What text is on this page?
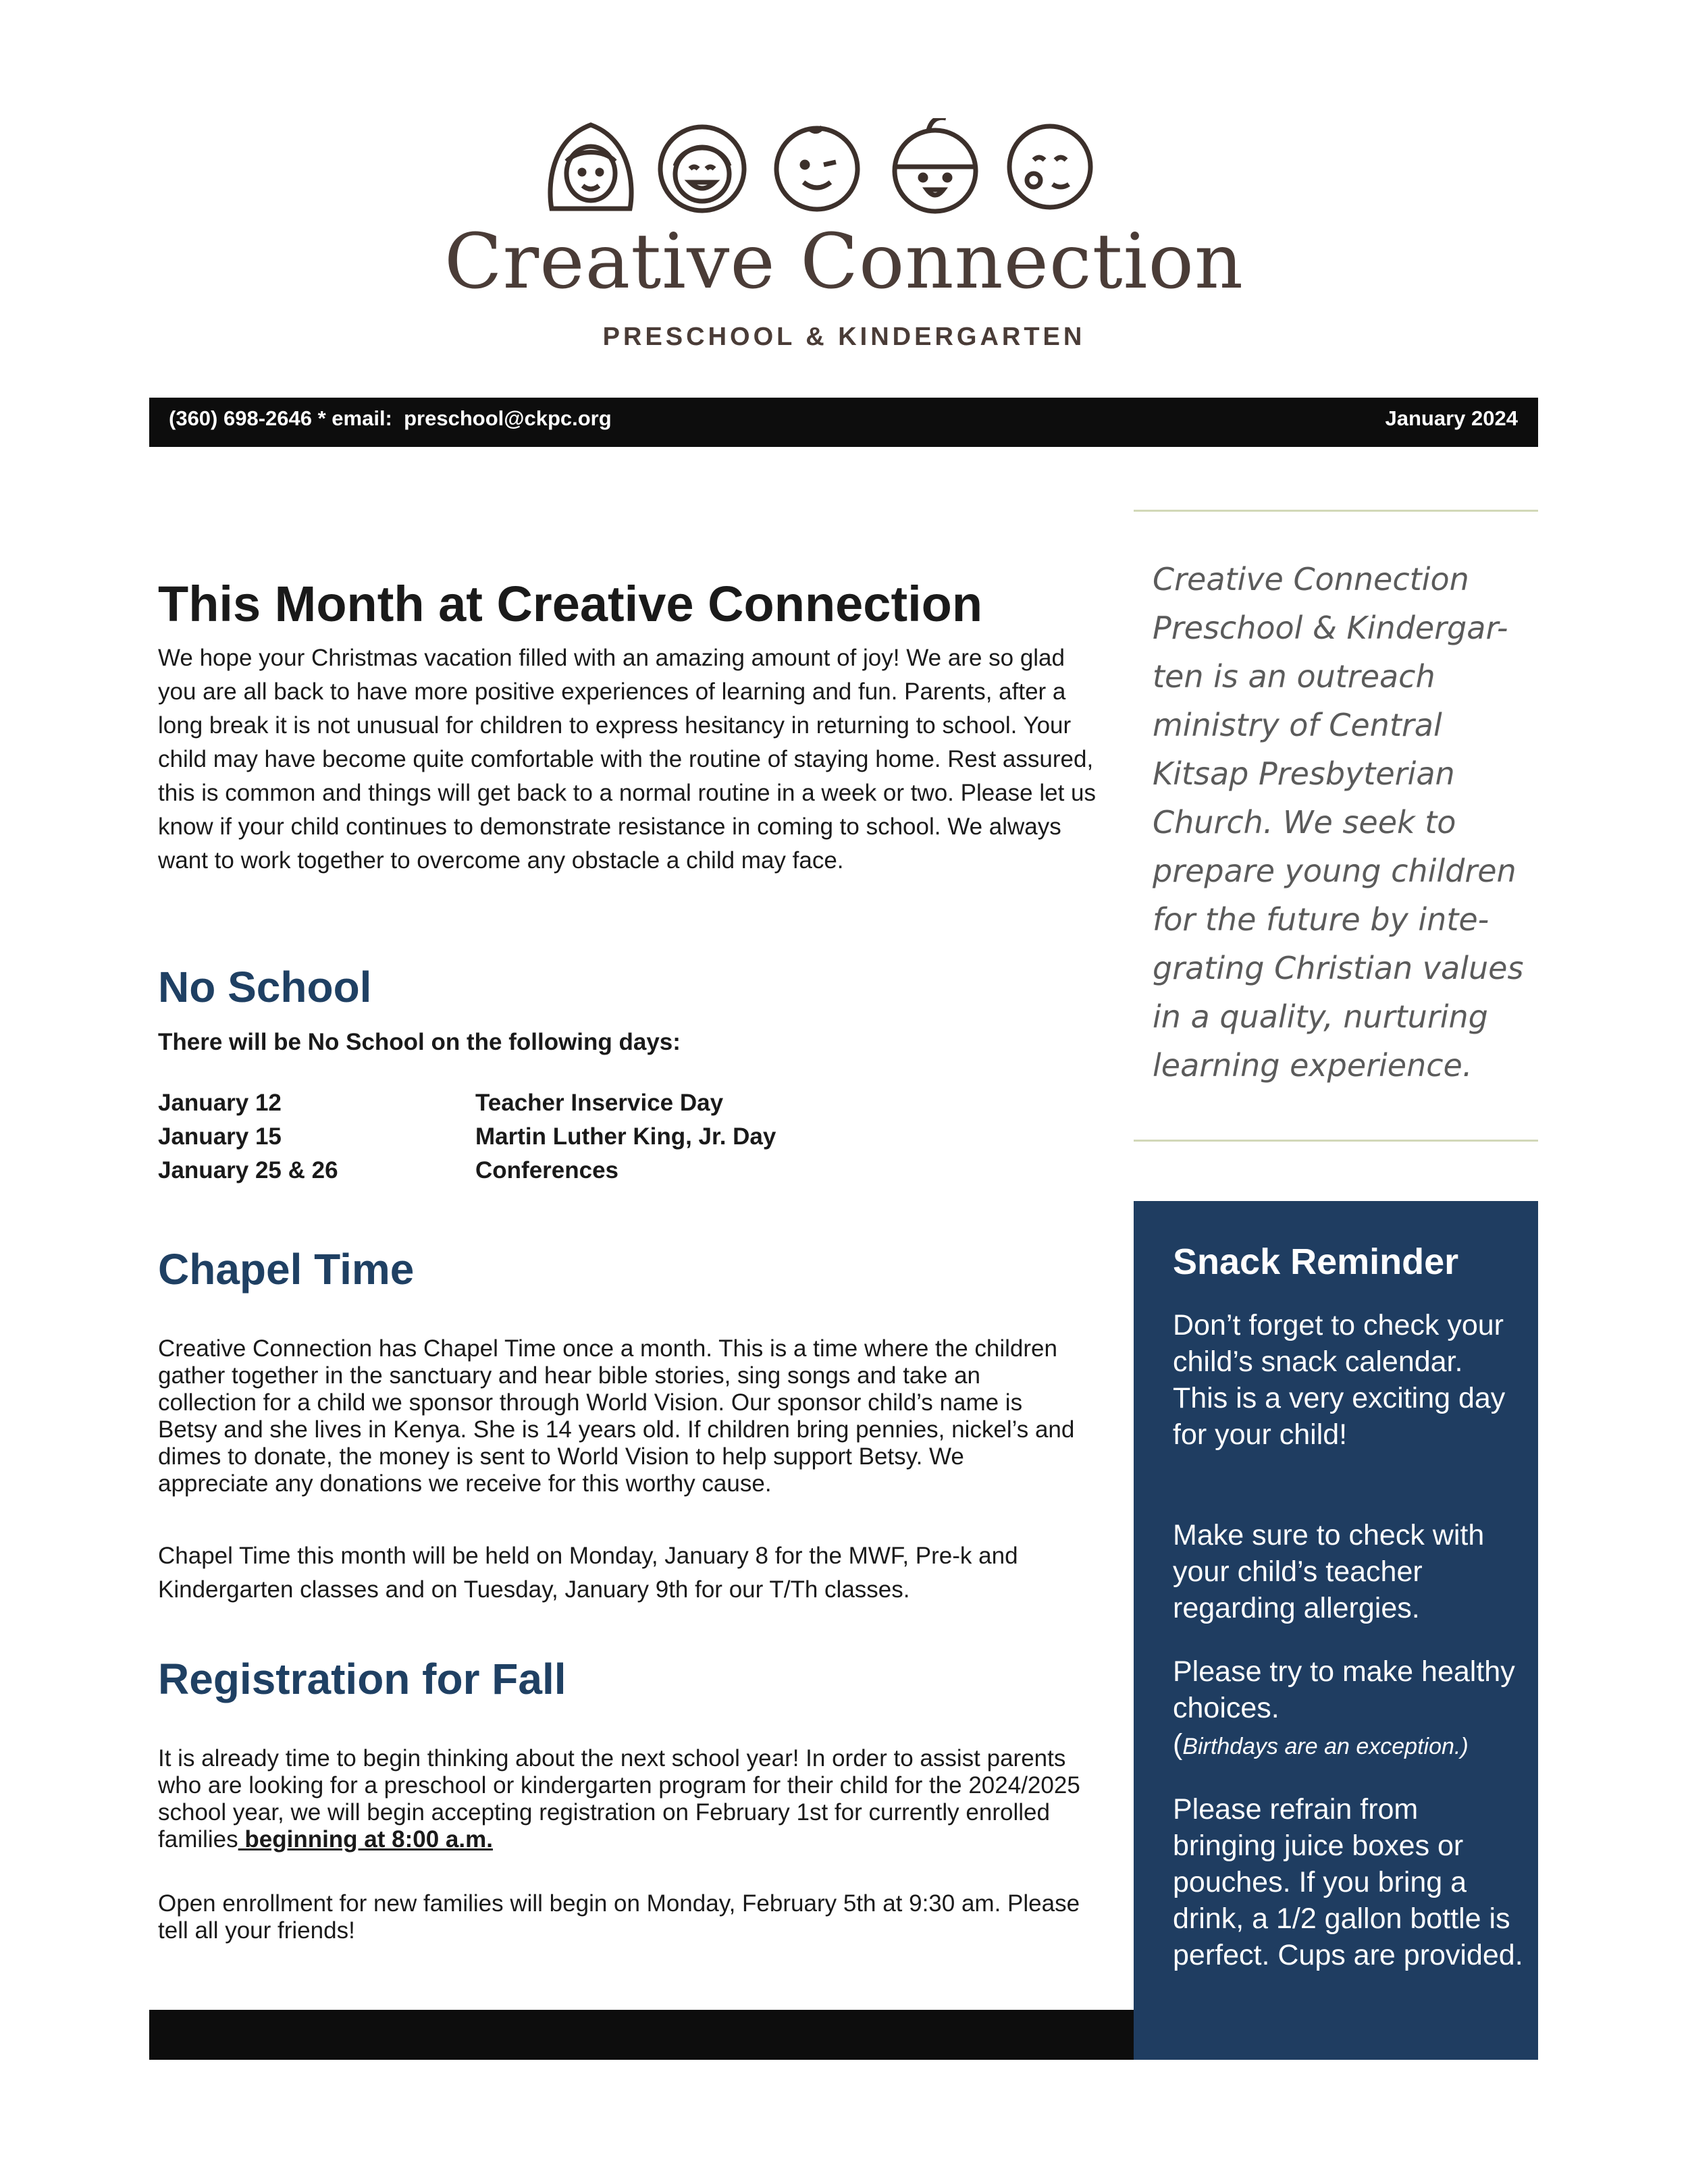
Creative Connection
PRESCHOOL & KINDERGARTEN
(360) 698-2646 * email:  preschool@ckpc.org	January 2024
This Month at Creative Connection
We hope your Christmas vacation filled with an amazing amount of joy! We are so glad you are all back to have more positive experiences of learning and fun. Parents, after a long break it is not unusual for children to express hesitancy in returning to school. Your child may have become quite comfortable with the routine of staying home. Rest assured, this is common and things will get back to a normal routine in a week or two. Please let us know if your child continues to demonstrate resistance in coming to school. We always want to work together to overcome any obstacle a child may face.
No School
There will be No School on the following days:
January 12	Teacher Inservice Day
January 15	Martin Luther King, Jr. Day
January 25 & 26	Conferences
Chapel Time
Creative Connection has Chapel Time once a month. This is a time where the children gather together in the sanctuary and hear bible stories, sing songs and take an collection for a child we sponsor through World Vision. Our sponsor child’s name is Betsy and she lives in Kenya. She is 14 years old. If children bring pennies, nickel’s and dimes to donate, the money is sent to World Vision to help support Betsy. We appreciate any donations we receive for this worthy cause.
Chapel Time this month will be held on Monday, January 8 for the MWF, Pre-k and Kindergarten classes and on Tuesday, January 9th for our T/Th classes.
Registration for Fall
It is already time to begin thinking about the next school year! In order to assist parents who are looking for a preschool or kindergarten program for their child for the 2024/2025 school year, we will begin accepting registration on February 1st for currently enrolled families beginning at 8:00 a.m.
Open enrollment for new families will begin on Monday, February 5th at 9:30 am. Please tell all your friends!
Creative Connection
Preschool & Kindergar-
ten is an outreach
ministry of Central
Kitsap Presbyterian
Church. We seek to
prepare young children
for the future by inte-
grating Christian values
in a quality, nurturing
learning experience.
Snack Reminder
Don’t forget to check your child’s snack calendar. This is a very exciting day for your child!
Make sure to check with your child’s teacher regarding allergies.
Please try to make healthy choices.
(Birthdays are an exception.)
Please refrain from bringing juice boxes or pouches. If you bring a drink, a 1/2 gallon bottle is perfect. Cups are provided.
